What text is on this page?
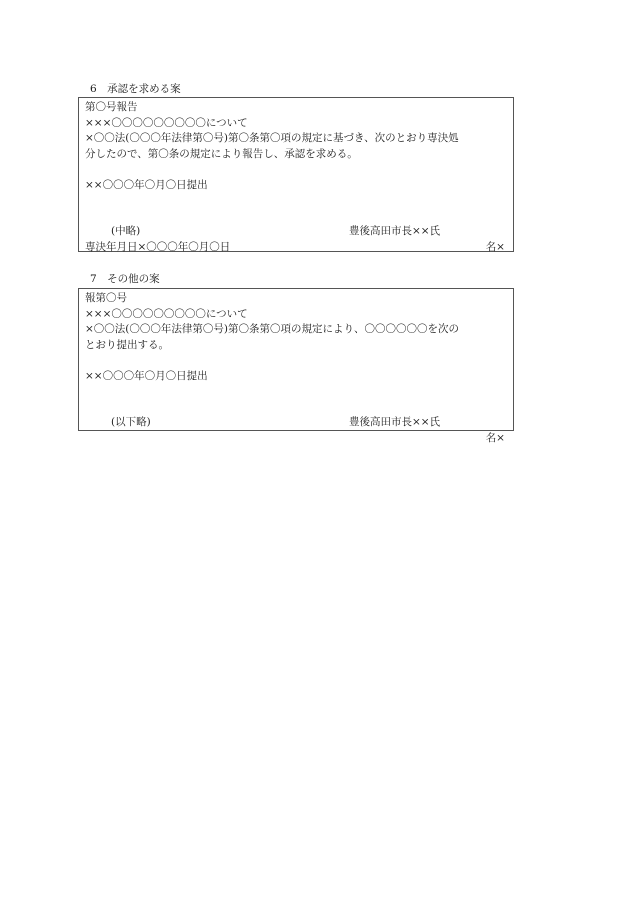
6　承認を求める案
第〇号報告
×××〇〇〇〇〇〇〇〇〇について
×〇〇法(〇〇〇年法律第〇号)第〇条第〇項の規定に基づき、次のとおり専決処
分したので、第〇条の規定により報告し、承認を求める。
××〇〇〇年〇月〇日提出

豊後高田市長××氏

名×

(中略)
専決年月日×〇〇〇年〇月〇日
7　その他の案
報第〇号
×××〇〇〇〇〇〇〇〇〇について
×〇〇法(〇〇〇年法律第〇号)第〇条第〇項の規定により、〇〇〇〇〇〇を次の
とおり提出する。
××〇〇〇年〇月〇日提出

豊後高田市長××氏

名×

(以下略)
